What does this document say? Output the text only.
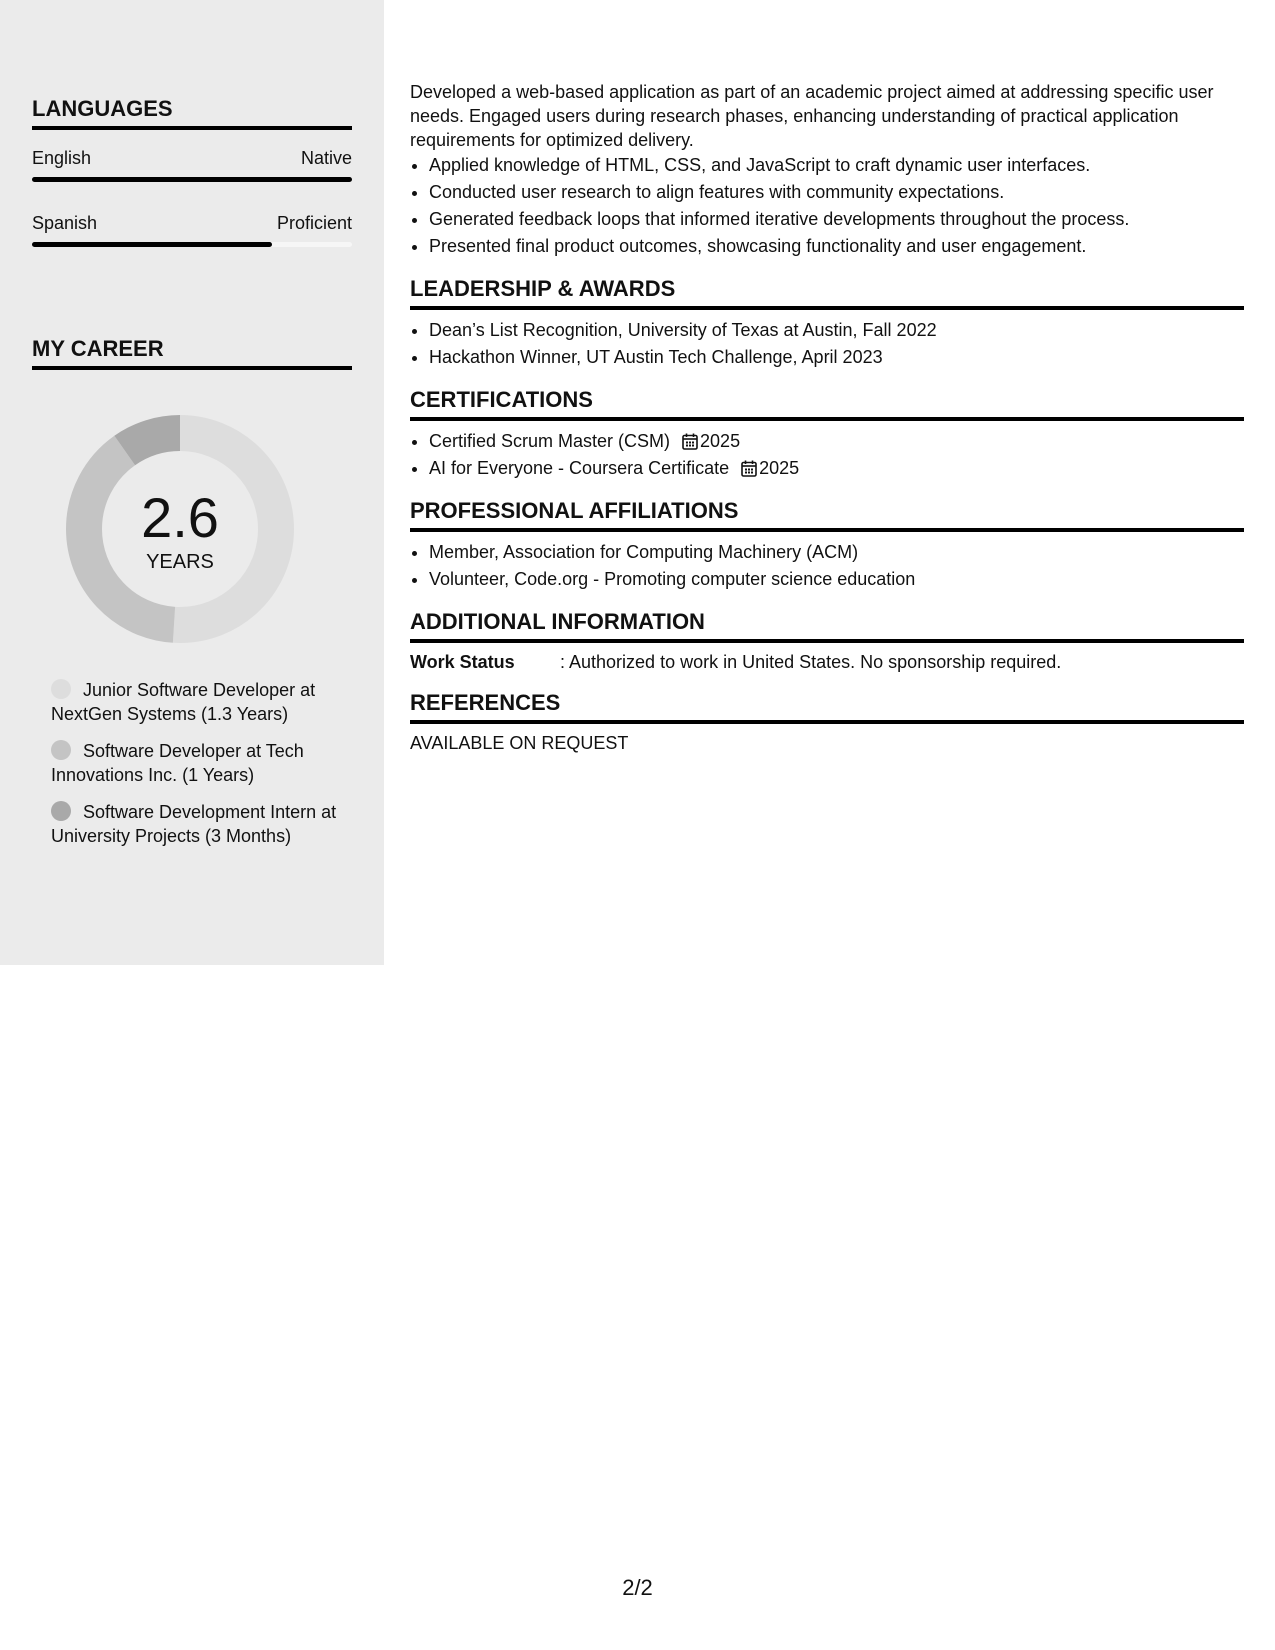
LANGUAGES
English	Native
Spanish	Proficient
MY CAREER
2.6
YEARS
Junior Software Developer at NextGen Systems (1.3 Years)
Software Developer at Tech Innovations Inc. (1 Years)
Software Development Intern at University Projects (3 Months)

Developed a web-based application as part of an academic project aimed at addressing specific user needs. Engaged users during research phases, enhancing understanding of practical application requirements for optimized delivery.

• Applied knowledge of HTML, CSS, and JavaScript to craft dynamic user interfaces.
• Conducted user research to align features with community expectations.
• Generated feedback loops that informed iterative developments throughout the process.
• Presented final product outcomes, showcasing functionality and user engagement.
LEADERSHIP & AWARDS
• Dean’s List Recognition, University of Texas at Austin, Fall 2022
• Hackathon Winner, UT Austin Tech Challenge, April 2023
CERTIFICATIONS
• Certified Scrum Master (CSM) 2025
• AI for Everyone - Coursera Certificate 2025
PROFESSIONAL AFFILIATIONS
• Member, Association for Computing Machinery (ACM)
• Volunteer, Code.org - Promoting computer science education
ADDITIONAL INFORMATION
Work Status	: Authorized to work in United States. No sponsorship required.
REFERENCES
AVAILABLE ON REQUEST
2/2
